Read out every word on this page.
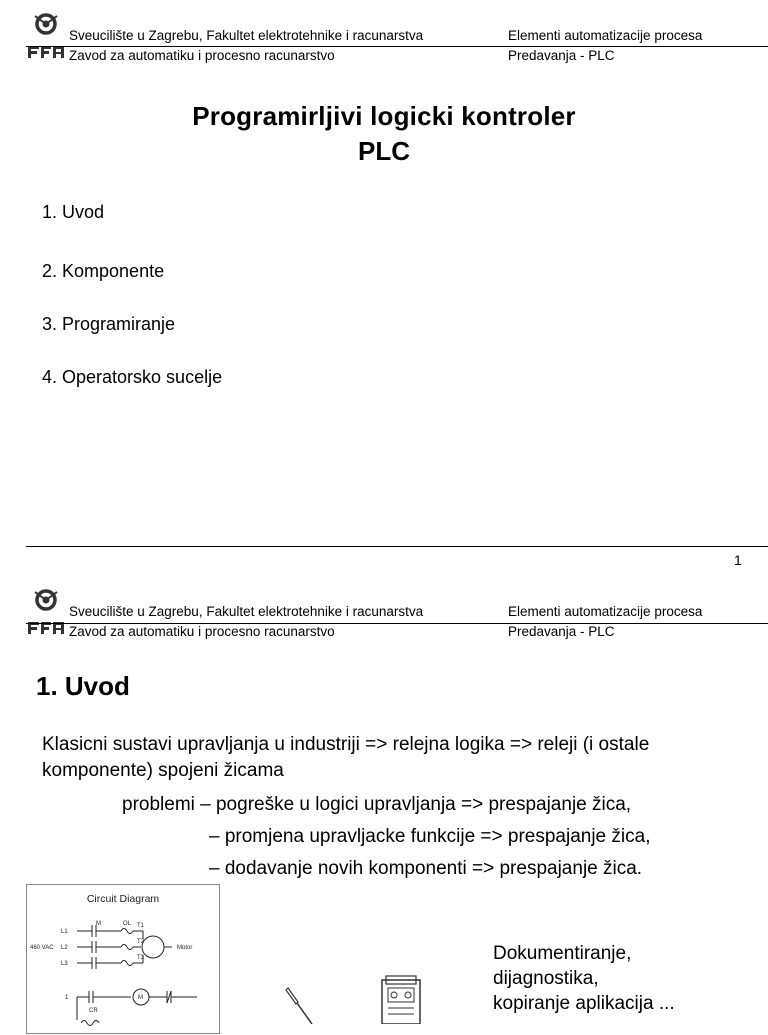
Sveucilište u Zagrebu, Fakultet elektrotehnike i racunarstva	Elementi automatizacije procesa
Zavod za automatiku i procesno racunarstvo	Predavanja - PLC
Programirljivi logicki kontroler
PLC
1. Uvod
2. Komponente
3. Programiranje
4. Operatorsko sucelje
1
Sveucilište u Zagrebu, Fakultet elektrotehnike i racunarstva	Elementi automatizacije procesa
Zavod za automatiku i procesno racunarstvo	Predavanja - PLC
1. Uvod
Klasicni sustavi upravljanja u industriji => relejna logika => releji (i ostale
komponente) spojeni žicama
problemi – pogreške u logici upravljanja => prespajanje žica,
– promjena upravljacke funkcije => prespajanje žica,
– dodavanje novih komponenti => prespajanje žica.
Circuit Diagram
L1
L2
L3
460 VAC
M	OL T1
T2
T3
Motor
1
CR
M
Dokumentiranje,
dijagnostika,
kopiranje aplikacija ...
